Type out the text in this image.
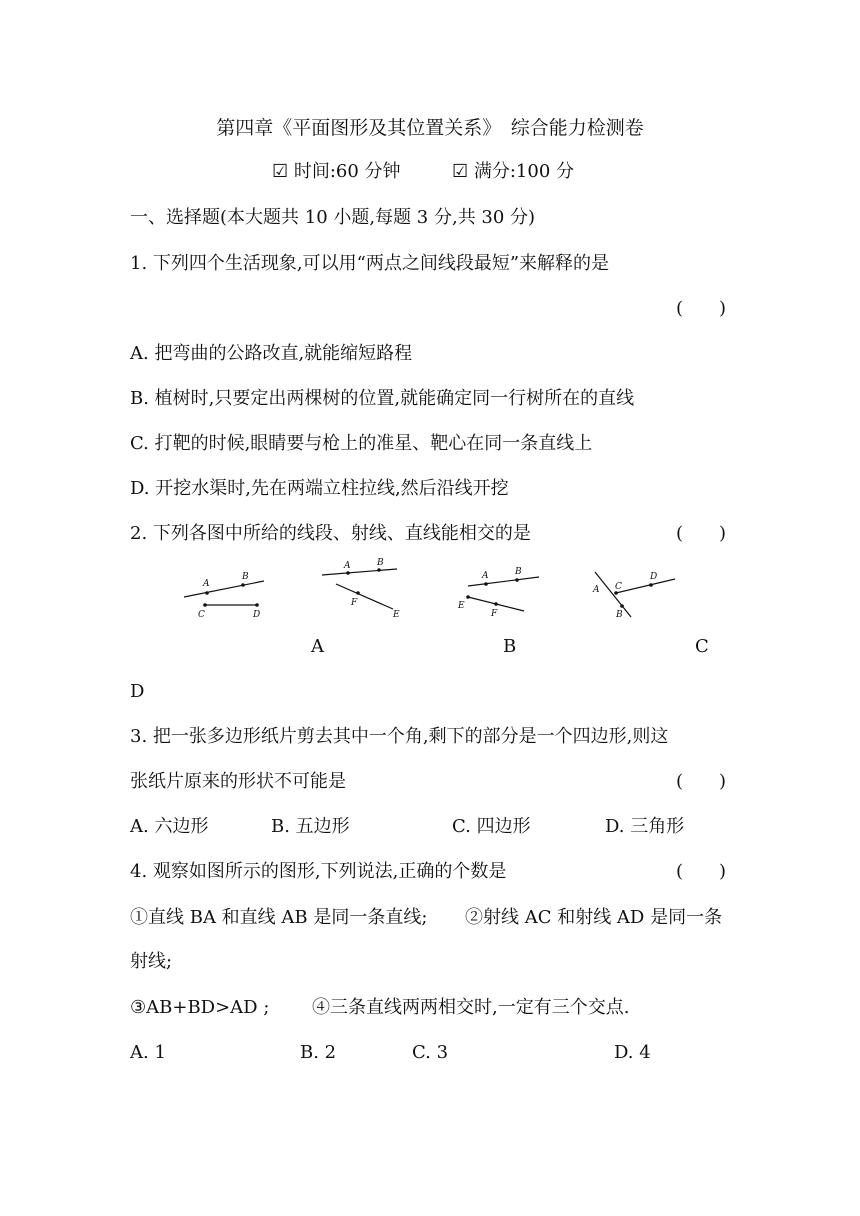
第四章《平面图形及其位置关系》　综合能力检测卷
☑ 时间:60 分钟	☑ 满分:100 分
一、选择题(本大题共 10 小题,每题 3 分,共 30 分)
1. 下列四个生活现象,可以用“两点之间线段最短”来解释的是
(　　)
A. 把弯曲的公路改直,就能缩短路程
B. 植树时,只要定出两棵树的位置,就能确定同一行树所在的直线
C. 打靶的时候,眼睛要与枪上的准星、靶心在同一条直线上
D. 开挖水渠时,先在两端立柱拉线,然后沿线开挖
2. 下列各图中所给的线段、射线、直线能相交的是	(　　)
A
B
C	D
A	B
F
E
A	B
E
F
A C
D
B
A	B	C
D
3. 把一张多边形纸片剪去其中一个角,剩下的部分是一个四边形,则这
张纸片原来的形状不可能是	(　　)
A. 六边形	B. 五边形	C. 四边形	D. 三角形
4. 观察如图所示的图形,下列说法,正确的个数是	(　　)
①直线 BA 和直线 AB 是同一条直线; ②射线 AC 和射线 AD 是同一条
射线;
③AB+BD>AD ; ④三条直线两两相交时,一定有三个交点.
A. 1	B. 2	C. 3	D. 4
